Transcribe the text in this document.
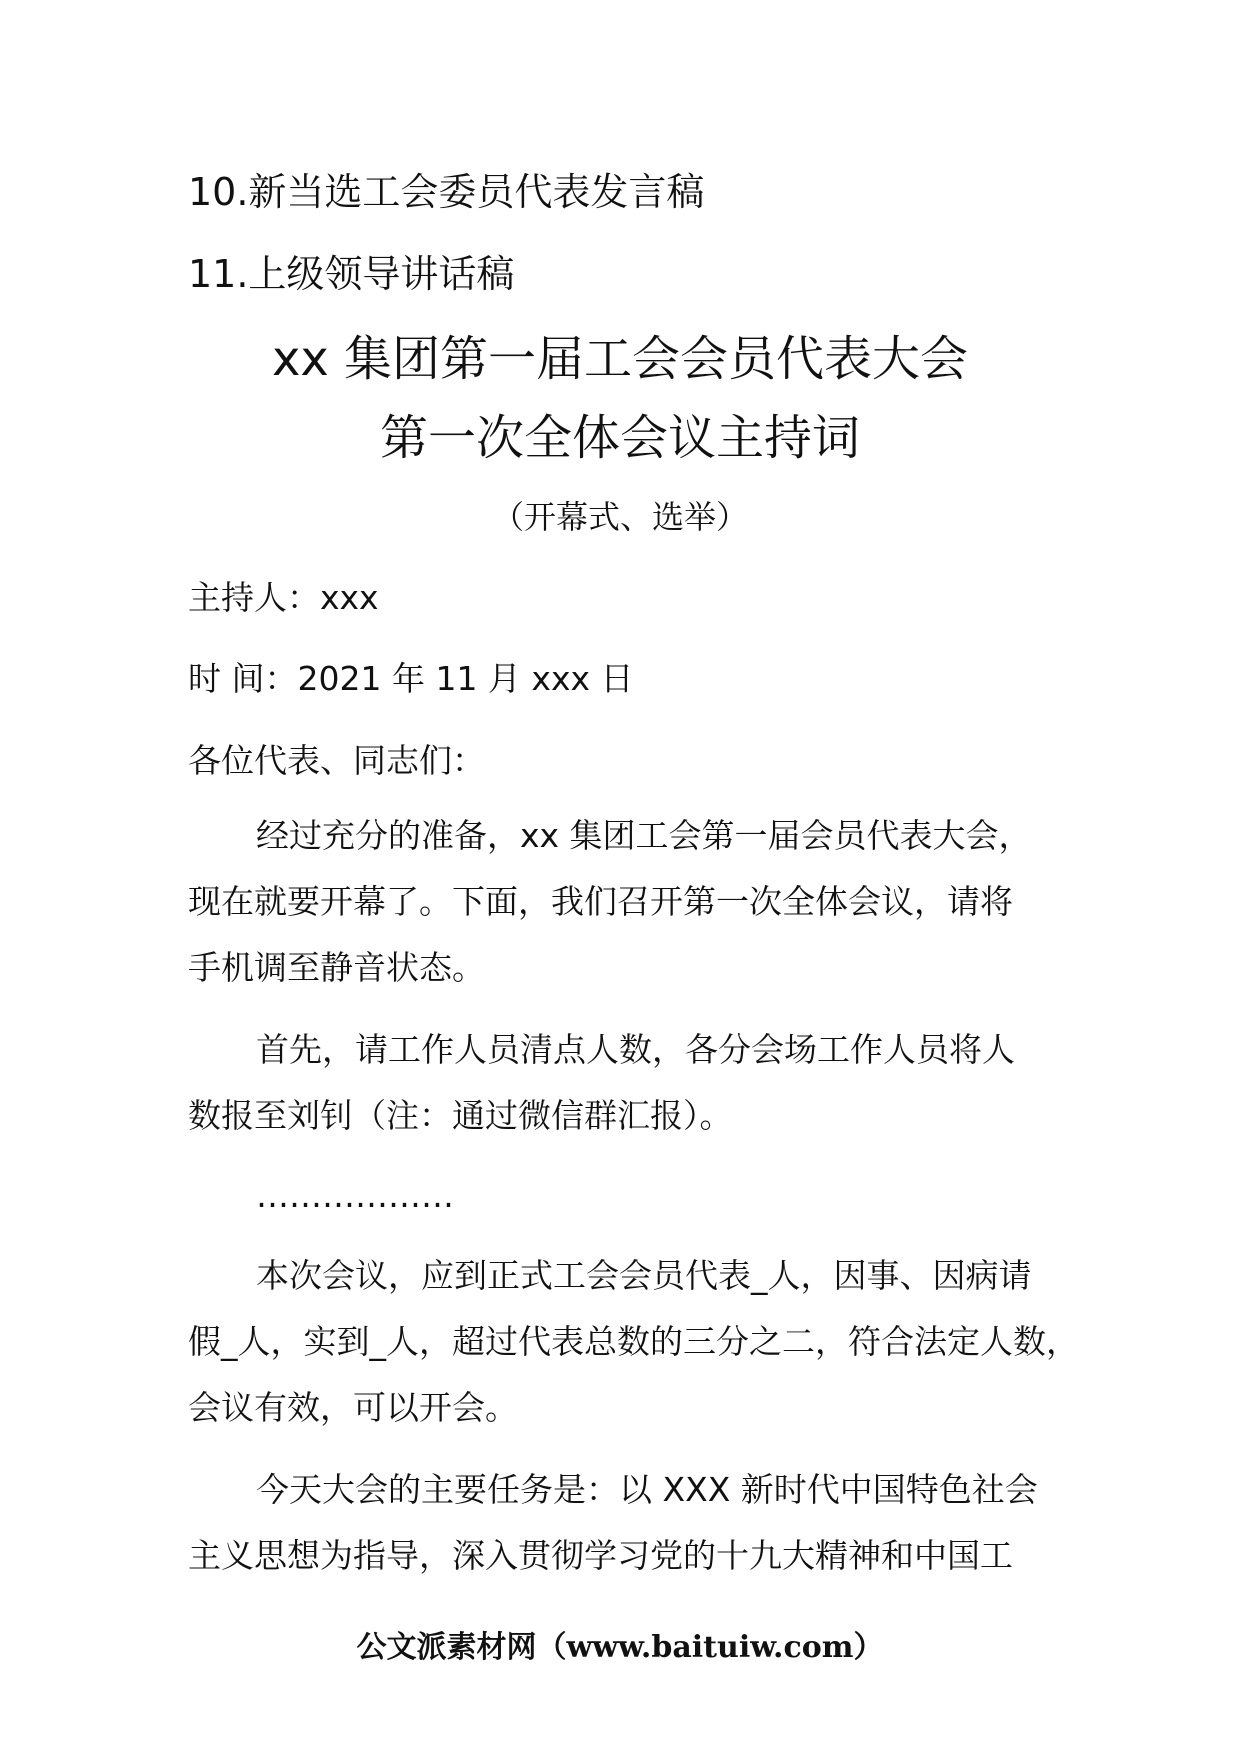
10.新当选工会委员代表发言稿
11.上级领导讲话稿
xx 集团第一届工会会员代表大会
第一次全体会议主持词
（开幕式、选举）
主持人：xxx
时 间：2021 年 11 月 xxx 日
各位代表、同志们：
经过充分的准备，xx 集团工会第一届会员代表大会，
现在就要开幕了。下面，我们召开第一次全体会议，请将
手机调至静音状态。
首先，请工作人员清点人数，各分会场工作人员将人
数报至刘钊（注：通过微信群汇报）。
………………
本次会议，应到正式工会会员代表_人，因事、因病请
假_人，实到_人，超过代表总数的三分之二，符合法定人数，
会议有效，可以开会。
今天大会的主要任务是：以 XXX 新时代中国特色社会
主义思想为指导，深入贯彻学习党的十九大精神和中国工
公文派素材网（www.baituiw.com）
